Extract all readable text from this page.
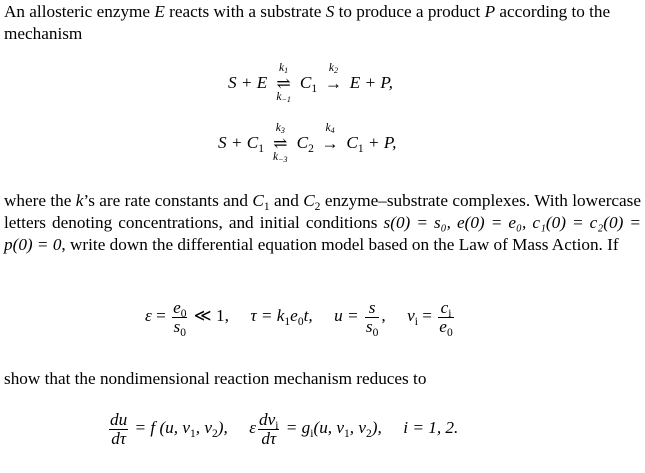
An allosteric enzyme E reacts with a substrate S to produce a product P according to the mechanism
S + E
$k_1$
⇌
$k_{-1}$
$C_1$
$k_2$
→ E + P,
$S + C_1$
$k_3$
⇌
$k_{-3}$
$C_2$
$k_4$
→ $C_1 + P$,
where the k’s are rate constants and $C_1$ and $C_2$ enzyme–substrate complexes. With lowercase letters denoting concentrations, and initial conditions s(0) = s₀, e(0) = e₀, c₁(0) = c₂(0) = p(0) = 0, write down the differential equation model based on the Law of Mass Action. If
$\varepsilon = \frac{e_0}{s_0}$ ≪ 1, $\tau = k_1e_0t$, $u = \frac{s}{s_0}$ , $v_i = \frac{c_i}{e_0}$
show that the nondimensional reaction mechanism reduces to
$\frac{du}{d\tau} = f$ (u, $v_1$, $v_2$), ε $\frac{dv_i}{d\tau} = g_i(u$, $v_1$, $v_2$), i = 1, 2.
